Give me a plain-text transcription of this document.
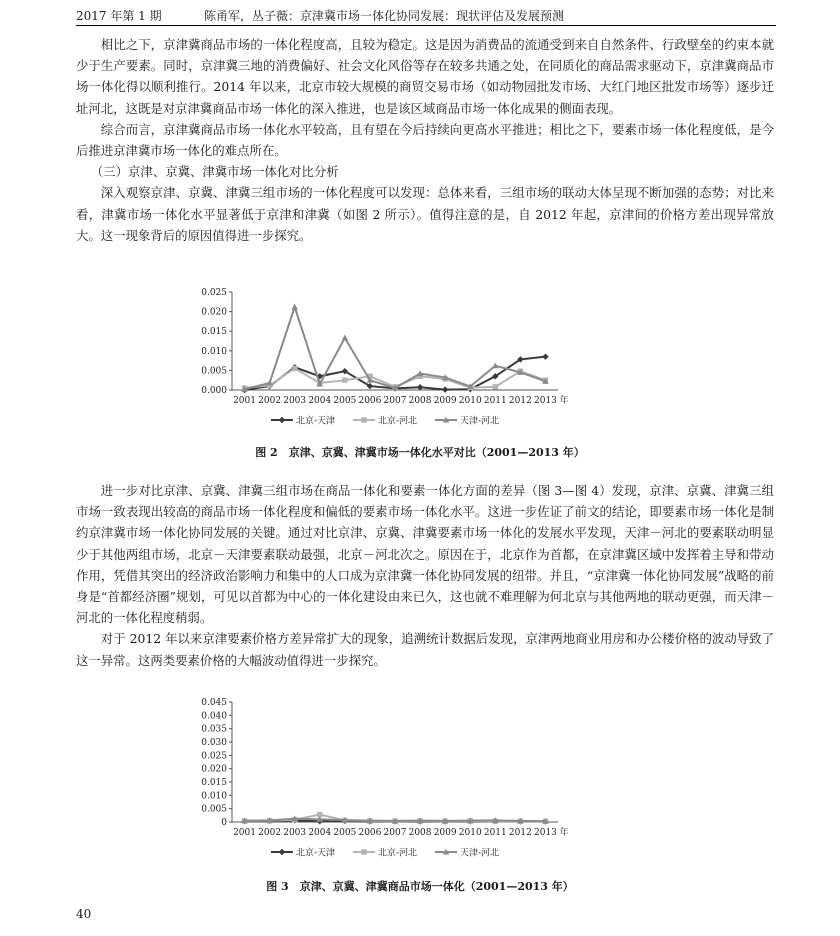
2017 年第 1 期	陈甬军，丛子薇：京津冀市场一体化协同发展：现状评估及发展预测

相比之下，京津冀商品市场的一体化程度高，且较为稳定。这是因为消费品的流通受到来自自然条件、行政壁垒的约束本就少于生产要素。同时，京津冀三地的消费偏好、社会文化风俗等存在较多共通之处，在同质化的商品需求驱动下，京津冀商品市场一体化得以顺利推行。2014 年以来，北京市较大规模的商贸交易市场（如动物园批发市场、大红门地区批发市场等）逐步迁址河北，这既是对京津冀商品市场一体化的深入推进，也是该区域商品市场一体化成果的侧面表现。

综合而言，京津冀商品市场一体化水平较高，且有望在今后持续向更高水平推进；相比之下，要素市场一体化程度低，是今后推进京津冀市场一体化的难点所在。

（三）京津、京冀、津冀市场一体化对比分析

深入观察京津、京冀、津冀三组市场的一体化程度可以发现：总体来看，三组市场的联动大体呈现不断加强的态势；对比来看，津冀市场一体化水平显著低于京津和津冀（如图 2 所示）。值得注意的是，自 2012 年起，京津间的价格方差出现异常放大。这一现象背后的原因值得进一步探究。

0.000
0.005
0.010
0.015
0.020
0.025
2001 2002 2003 2004 2005 2006 2007 2008 2009 2010 2011 2012 2013 年
北京-天津	北京-河北	天津-河北
图 2　京津、京冀、津冀市场一体化水平对比（2001—2013 年）

进一步对比京津、京冀、津冀三组市场在商品一体化和要素一体化方面的差异（图 3—图 4）发现，京津、京冀、津冀三组市场一致表现出较高的商品市场一体化程度和偏低的要素市场一体化水平。这进一步佐证了前文的结论，即要素市场一体化是制约京津冀市场一体化协同发展的关键。通过对比京津、京冀、津冀要素市场一体化的发展水平发现，天津－河北的要素联动明显少于其他两组市场，北京－天津要素联动最强，北京－河北次之。原因在于，北京作为首都，在京津冀区域中发挥着主导和带动作用，凭借其突出的经济政治影响力和集中的人口成为京津冀一体化协同发展的纽带。并且，“京津冀一体化协同发展”战略的前身是“首都经济圈”规划，可见以首都为中心的一体化建设由来已久，这也就不难理解为何北京与其他两地的联动更强，而天津－河北的一体化程度稍弱。

对于 2012 年以来京津要素价格方差异常扩大的现象，追溯统计数据后发现，京津两地商业用房和办公楼价格的波动导致了这一异常。这两类要素价格的大幅波动值得进一步探究。

0
0.005
0.010
0.015
0.020
0.025
0.030
0.035
0.040
0.045
2001 2002 2003 2004 2005 2006 2007 2008 2009 2010 2011 2012 2013 年
北京-天津	北京-河北	天津-河北
图 3　京津、京冀、津冀商品市场一体化（2001—2013 年）
40
